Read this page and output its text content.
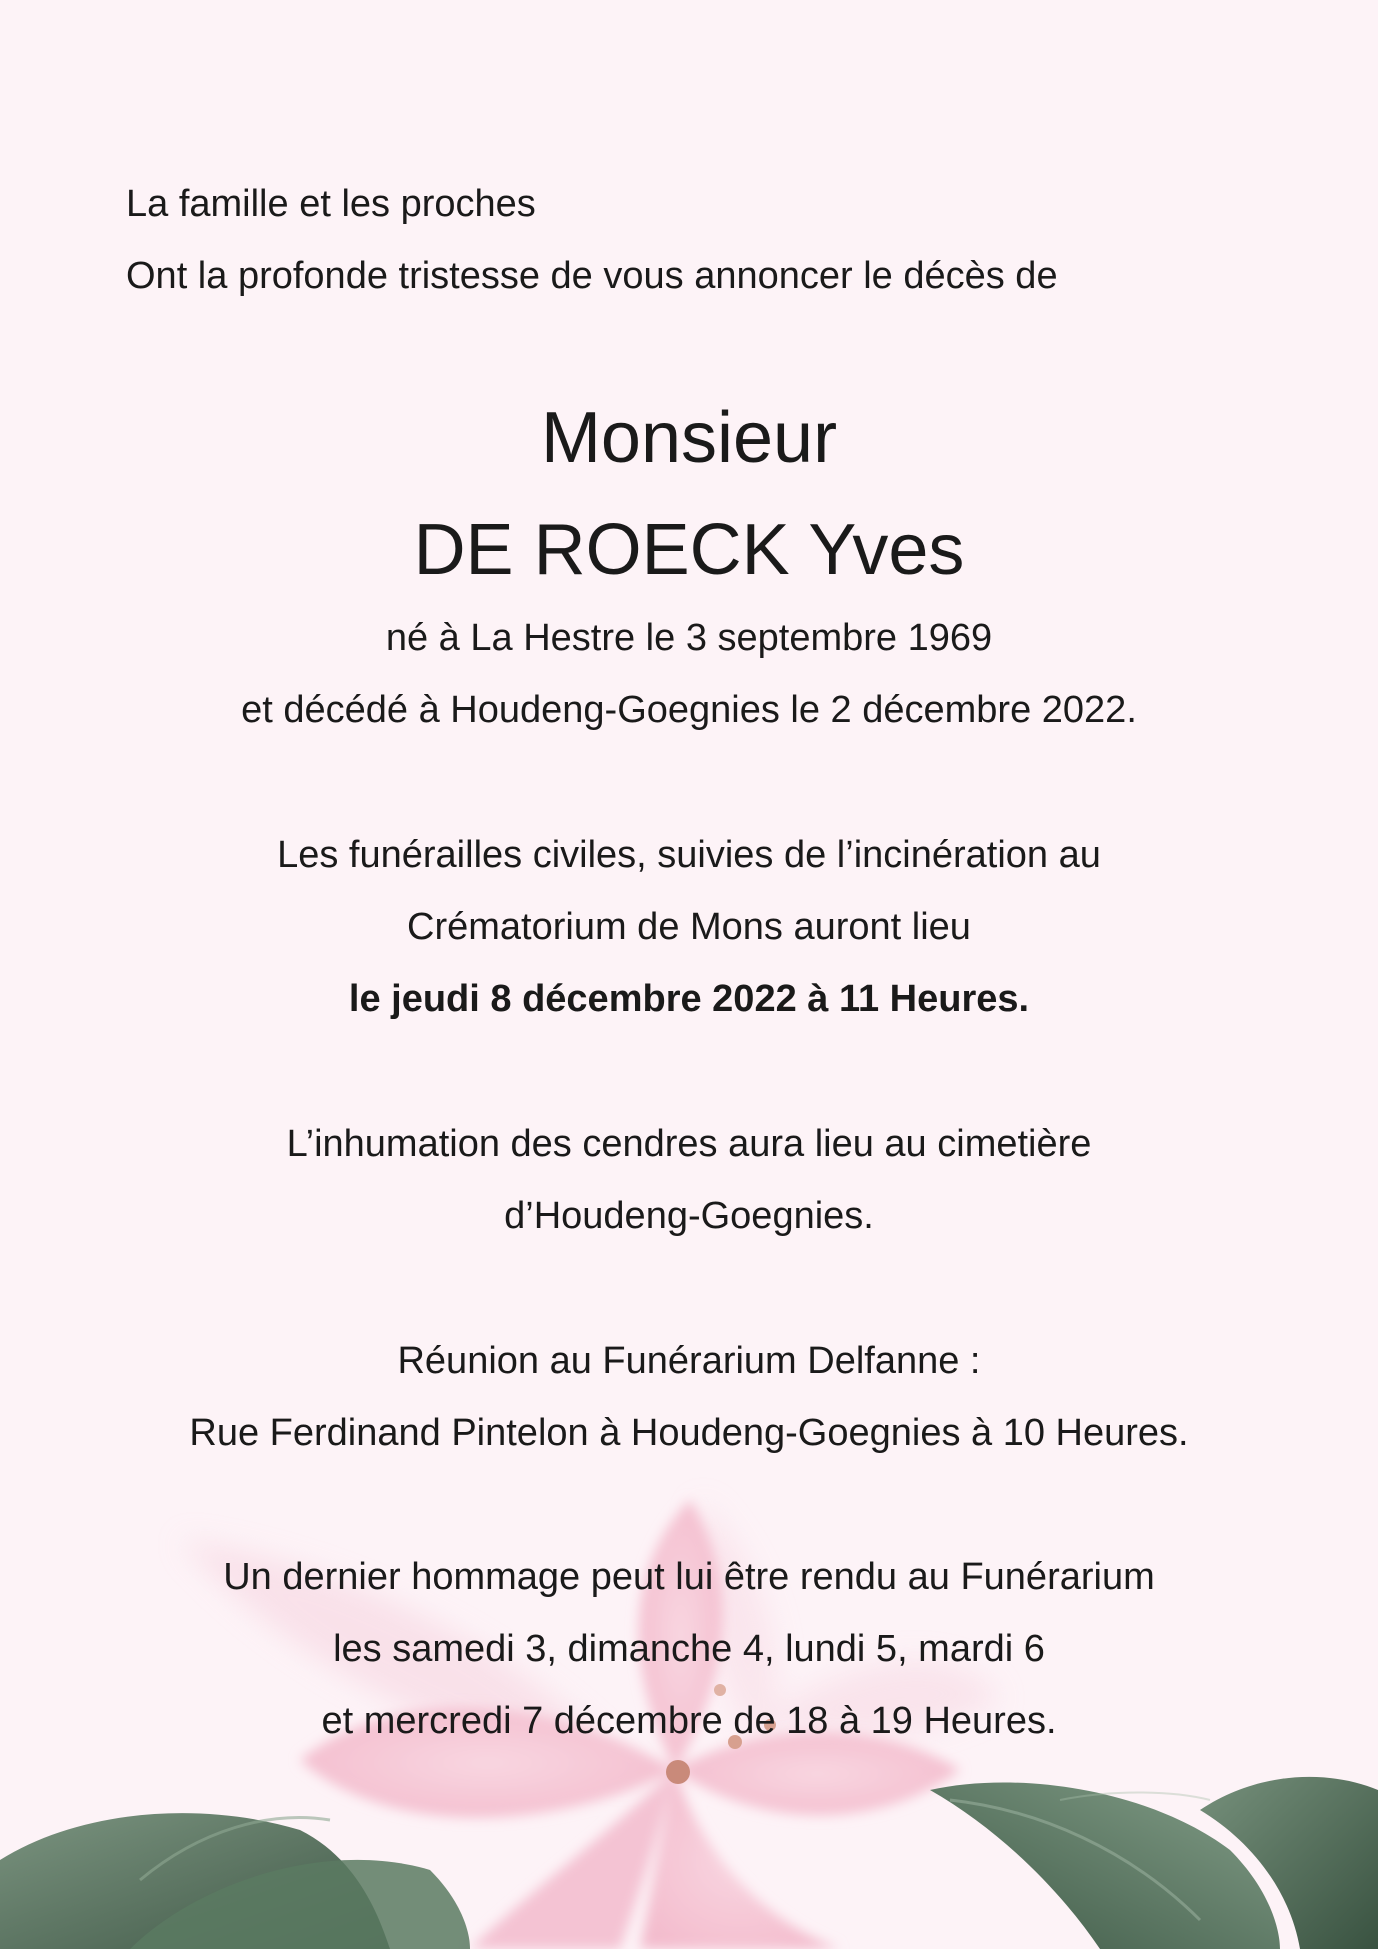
La famille et les proches
Ont la profonde tristesse de vous annoncer le décès de
Monsieur
DE ROECK Yves
né à La Hestre le 3 septembre 1969
et décédé à Houdeng-Goegnies le 2 décembre 2022.
Les funérailles civiles, suivies de l’incinération au
Crématorium de Mons auront lieu
le jeudi 8 décembre 2022 à 11 Heures.
L’inhumation des cendres aura lieu au cimetière
d’Houdeng-Goegnies.
Réunion au Funérarium Delfanne :
Rue Ferdinand Pintelon à Houdeng-Goegnies à 10 Heures.
Un dernier hommage peut lui être rendu au Funérarium
les samedi 3, dimanche 4, lundi 5, mardi 6
et mercredi 7 décembre de 18 à 19 Heures.
